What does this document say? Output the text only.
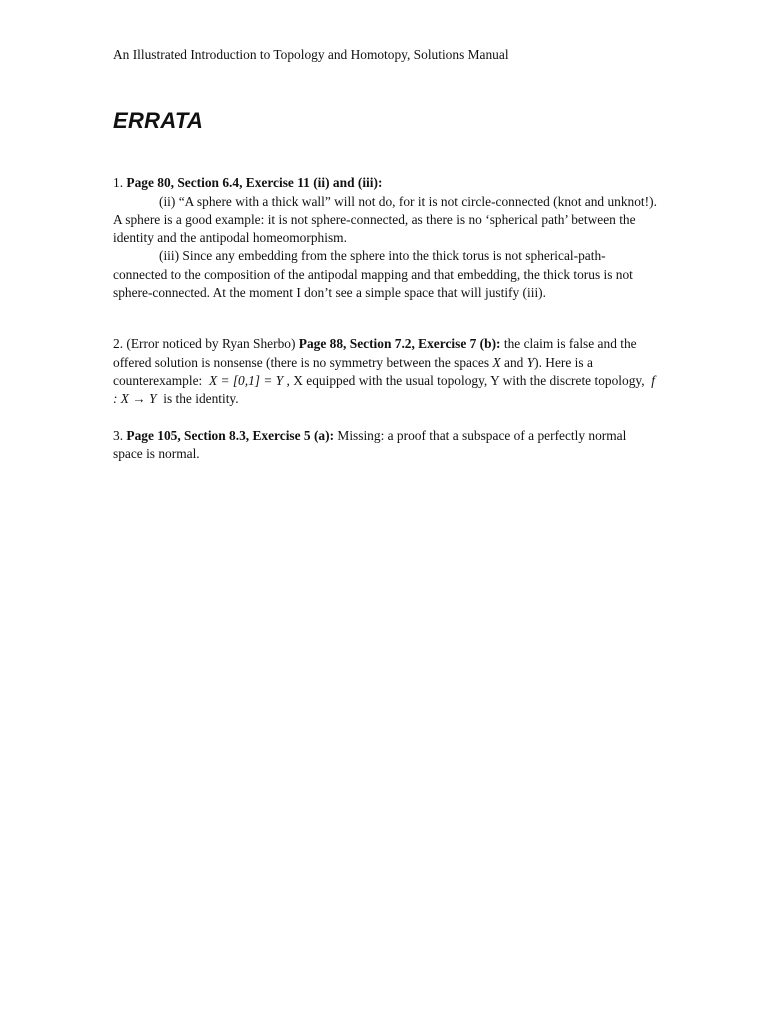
An Illustrated Introduction to Topology and Homotopy, Solutions Manual

ERRATA

1. Page 80, Section 6.4, Exercise 11 (ii) and (iii):

(ii) “A sphere with a thick wall” will not do, for it is not circle-connected (knot and unknot!). A sphere is a good example: it is not sphere-connected, as there is no ‘spherical path’ between the identity and the antipodal homeomorphism.

(iii) Since any embedding from the sphere into the thick torus is not spherical-path-connected to the composition of the antipodal mapping and that embedding, the thick torus is not sphere-connected. At the moment I don’t see a simple space that will justify (iii).

2. (Error noticed by Ryan Sherbo) Page 88, Section 7.2, Exercise 7 (b): the claim is false and the offered solution is nonsense (there is no symmetry between the spaces X and Y). Here is a counterexample: X = [0,1] = Y , X equipped with the usual topology, Y with the discrete topology, f : X → Y is the identity.

3. Page 105, Section 8.3, Exercise 5 (a): Missing: a proof that a subspace of a perfectly normal space is normal.
